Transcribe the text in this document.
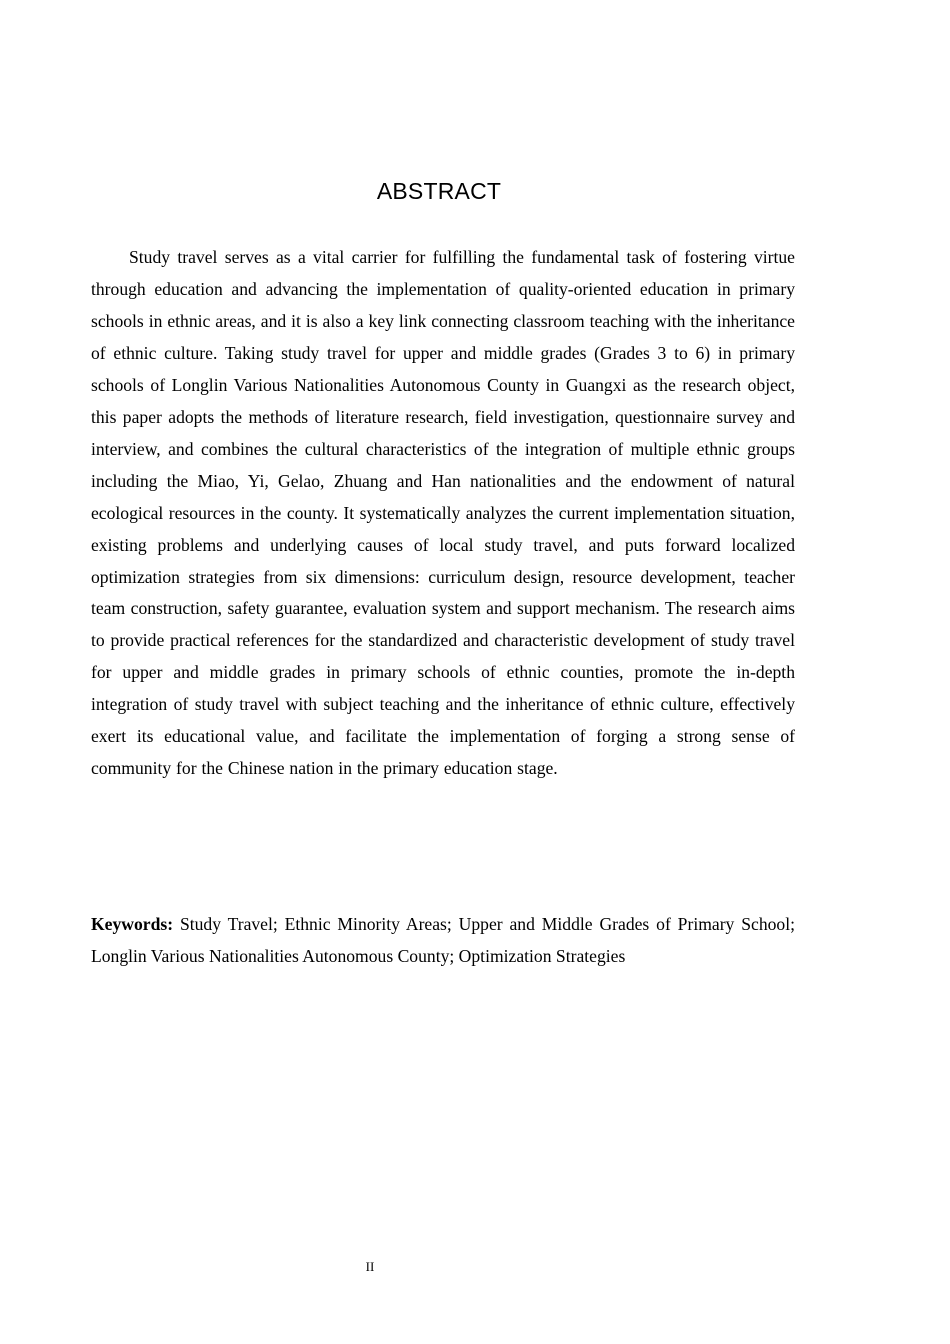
ABSTRACT

Study travel serves as a vital carrier for fulfilling the fundamental task of fostering virtue through education and advancing the implementation of quality-oriented education in primary schools in ethnic areas, and it is also a key link connecting classroom teaching with the inheritance of ethnic culture. Taking study travel for upper and middle grades (Grades 3 to 6) in primary schools of Longlin Various Nationalities Autonomous County in Guangxi as the research object, this paper adopts the methods of literature research, field investigation, questionnaire survey and interview, and combines the cultural characteristics of the integration of multiple ethnic groups including the Miao, Yi, Gelao, Zhuang and Han nationalities and the endowment of natural ecological resources in the county. It systematically analyzes the current implementation situation, existing problems and underlying causes of local study travel, and puts forward localized optimization strategies from six dimensions: curriculum design, resource development, teacher team construction, safety guarantee, evaluation system and support mechanism. The research aims to provide practical references for the standardized and characteristic development of study travel for upper and middle grades in primary schools of ethnic counties, promote the in-depth integration of study travel with subject teaching and the inheritance of ethnic culture, effectively exert its educational value, and facilitate the implementation of forging a strong sense of community for the Chinese nation in the primary education stage.

Keywords: Study Travel; Ethnic Minority Areas; Upper and Middle Grades of Primary School; Longlin Various Nationalities Autonomous County; Optimization Strategies

II
